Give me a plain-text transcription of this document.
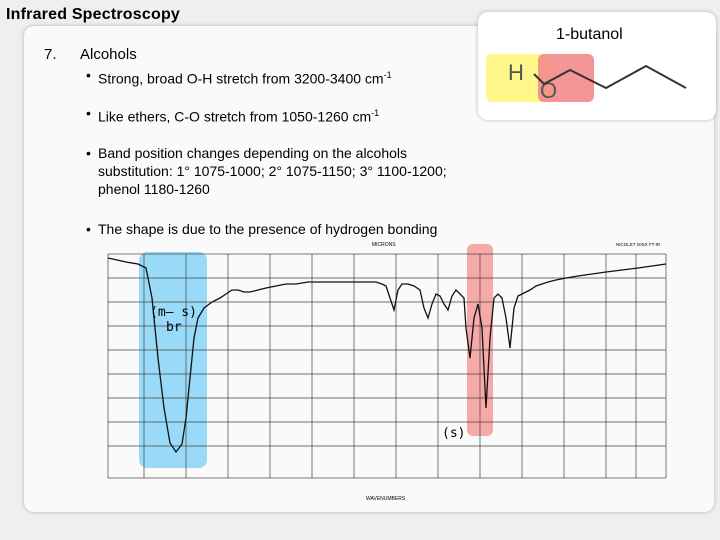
Infrared Spectroscopy
1-butanol
H
O
7. Alcohols
• Strong, broad O-H stretch from 3200-3400 $cm^{-1}$
• Like ethers, C-O stretch from 1050-1260 $cm^{-1}$
• Band position changes depending on the alcohols substitution: 1° 1075-1000; 2° 1075-1150; 3° 1100-1200; phenol 1180-1260
• The shape is due to the presence of hydrogen bonding
MICRONS	NICOLET 20SX FT-IR
WAVENUMBERS
(m– s)
br
(s)
